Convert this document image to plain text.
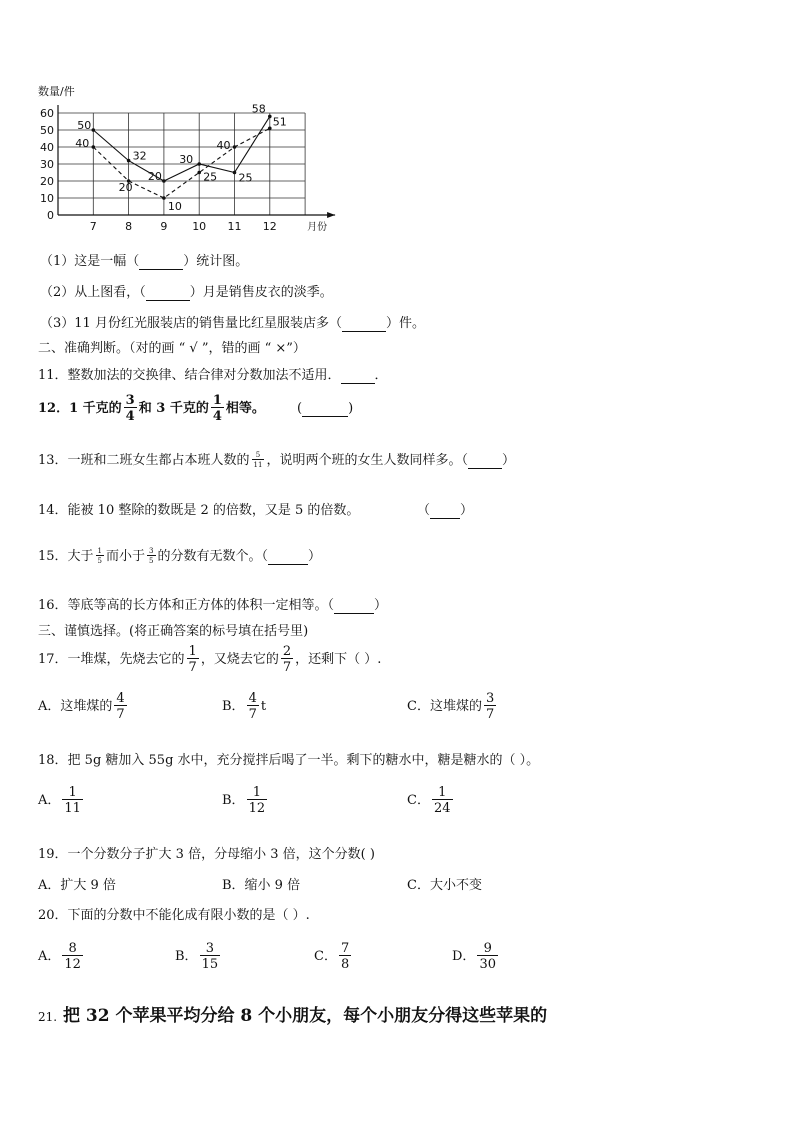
0
10
20
30
40
50
60
7	8	9 10 11 12
数量/件
月份
50
32
20
30
25
58
40
20
10
25
40
51
（1）这是一幅（	）统计图。
（2）从上图看，（	）月是销售皮衣的淡季。
（3）11 月份红光服装店的销售量比红星服装店多（	）件。
二、准确判断。（对的画 “ √ ”，错的画 “ ×”）
11．整数加法的交换律、结合律对分数加法不适用．	．
12．1 千克的 $\frac{3}{4}$ 和 3 千克的 $\frac{1}{4}$ 相等。 (	)
13．一班和二班女生都占本班人数的 $\frac{5}{11}$ ，说明两个班的女生人数同样多。（	）
14．能被 10 整除的数既是 2 的倍数，又是 5 的倍数。	（ ）
15．大于 $\frac{1}{5}$ 而小于 $\frac{3}{5}$ 的分数有无数个。（	）
16．等底等高的长方体和正方体的体积一定相等。（	）
三、谨慎选择。(将正确答案的标号填在括号里)
17．一堆煤，先烧去它的 $\frac{1}{7}$ ，又烧去它的 $\frac{2}{7}$ ，还剩下（ ）.
A．这堆煤的 $\frac{4}{7}$	B． $\frac{4}{7}$ t	C．这堆煤的 $\frac{3}{7}$
18．把 5g 糖加入 55g 水中，充分搅拌后喝了一半。剩下的糖水中，糖是糖水的（ ）。
A． $\frac{1}{11}$	B． $\frac{1}{12}$	C． $\frac{1}{24}$
19．一个分数分子扩大 3 倍，分母缩小 3 倍，这个分数( )
A．扩大 9 倍	B．缩小 9 倍	C．大小不变
20．下面的分数中不能化成有限小数的是（ ）.
A． $\frac{8}{12}$	B． $\frac{3}{15}$	C． $\frac{7}{8}$	D． $\frac{9}{30}$
21. 把 32 个苹果平均分给 8 个小朋友，每个小朋友分得这些苹果的
